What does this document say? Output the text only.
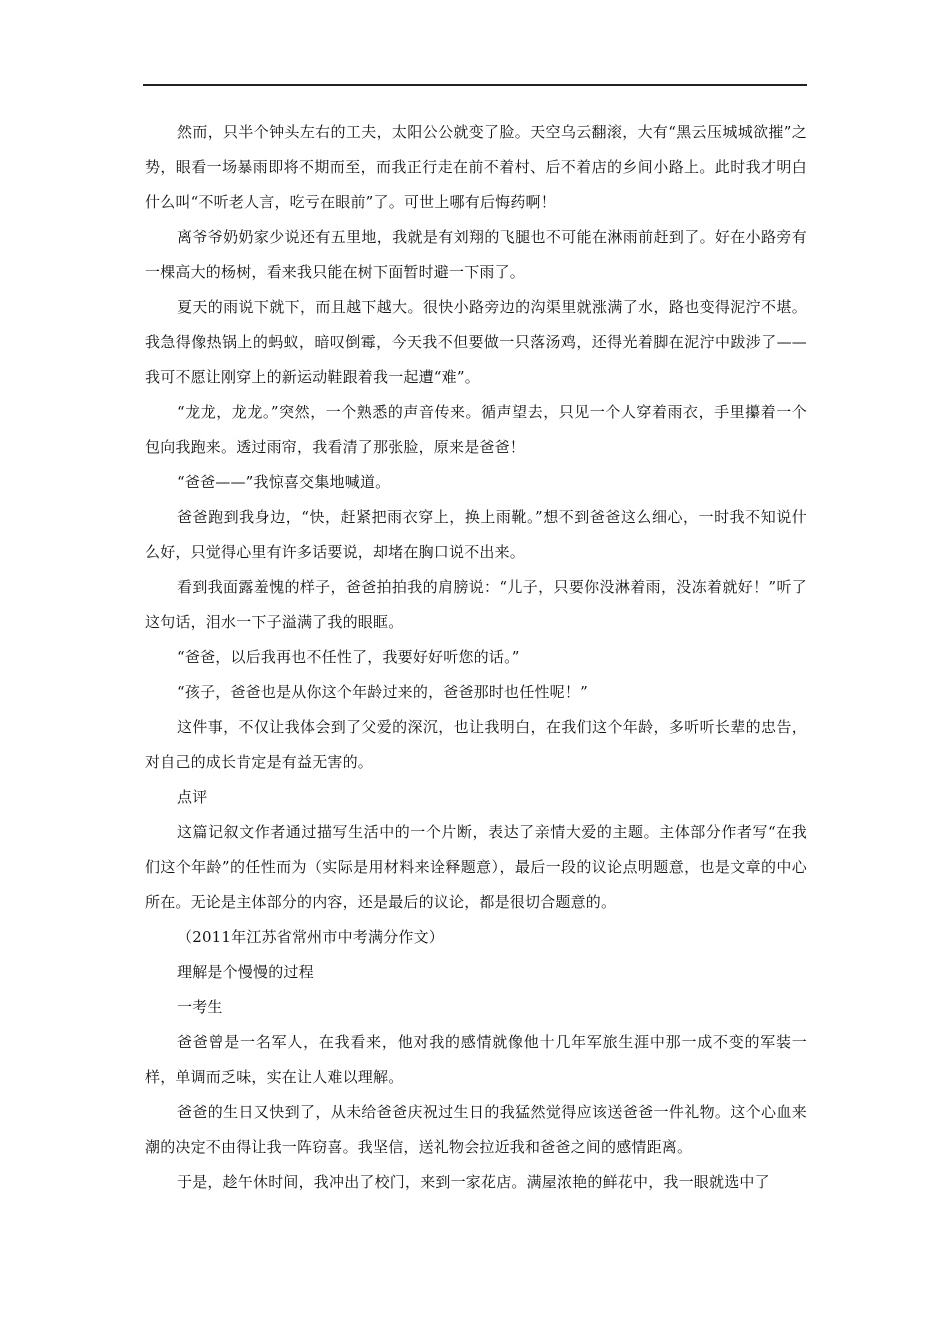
然而，只半个钟头左右的工夫，太阳公公就变了脸。天空乌云翻滚，大有“黑云压城城欲摧”之势，眼看一场暴雨即将不期而至，而我正行走在前不着村、后不着店的乡间小路上。此时我才明白什么叫“不听老人言，吃亏在眼前”了。可世上哪有后悔药啊！

离爷爷奶奶家少说还有五里地，我就是有刘翔的飞腿也不可能在淋雨前赶到了。好在小路旁有一棵高大的杨树，看来我只能在树下面暂时避一下雨了。

夏天的雨说下就下，而且越下越大。很快小路旁边的沟渠里就涨满了水，路也变得泥泞不堪。我急得像热锅上的蚂蚁，暗叹倒霉，今天我不但要做一只落汤鸡，还得光着脚在泥泞中跋涉了——我可不愿让刚穿上的新运动鞋跟着我一起遭“难”。

“龙龙，龙龙。”突然，一个熟悉的声音传来。循声望去，只见一个人穿着雨衣，手里攥着一个包向我跑来。透过雨帘，我看清了那张脸，原来是爸爸！

“爸爸——”我惊喜交集地喊道。

爸爸跑到我身边，“快，赶紧把雨衣穿上，换上雨靴。”想不到爸爸这么细心，一时我不知说什么好，只觉得心里有许多话要说，却堵在胸口说不出来。

看到我面露羞愧的样子，爸爸拍拍我的肩膀说：“儿子，只要你没淋着雨，没冻着就好！”听了这句话，泪水一下子溢满了我的眼眶。

“爸爸，以后我再也不任性了，我要好好听您的话。”

“孩子，爸爸也是从你这个年龄过来的，爸爸那时也任性呢！”

这件事，不仅让我体会到了父爱的深沉，也让我明白，在我们这个年龄，多听听长辈的忠告，对自己的成长肯定是有益无害的。

点评

这篇记叙文作者通过描写生活中的一个片断，表达了亲情大爱的主题。主体部分作者写“在我们这个年龄”的任性而为（实际是用材料来诠释题意），最后一段的议论点明题意，也是文章的中心所在。无论是主体部分的内容，还是最后的议论，都是很切合题意的。

（2011年江苏省常州市中考满分作文）

理解是个慢慢的过程

一考生

爸爸曾是一名军人，在我看来，他对我的感情就像他十几年军旅生涯中那一成不变的军装一样，单调而乏味，实在让人难以理解。

爸爸的生日又快到了，从未给爸爸庆祝过生日的我猛然觉得应该送爸爸一件礼物。这个心血来潮的决定不由得让我一阵窃喜。我坚信，送礼物会拉近我和爸爸之间的感情距离。

于是，趁午休时间，我冲出了校门，来到一家花店。满屋浓艳的鲜花中，我一眼就选中了
